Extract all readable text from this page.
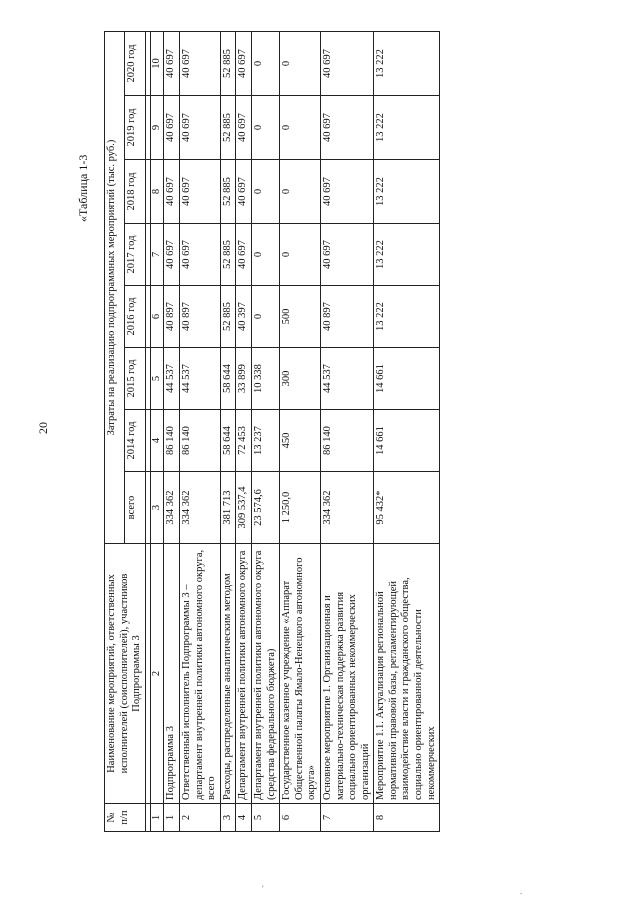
20
«Таблица 1-3
'	.
№ п/п	Наименование мероприятий, ответственных исполнителей (соисполнителей), участников Подпрограммы 3	Затраты на реализацию подпрограммных мероприятий (тыс. руб.)							
		всего	2014 год	2015 год	2016 год	2017 год	2018 год	2019 год	2020 год

1	2	3	4	5	6	7	8	9	10
1	Подпрограмма 3	334 362	86 140	44 537	40 897	40 697	40 697	40 697	40 697
2	Ответственный исполнитель Подпрограммы 3 – департамент внутренней политики автономного округа, всего	334 362	86 140	44 537	40 897	40 697	40 697	40 697	40 697
3	Расходы, распределенные аналитическим методом	381 713	58 644	58 644	52 885	52 885	52 885	52 885	52 885
4	Департамент внутренней политики автономного округа	309 537,4	72 453	33 899	40 397	40 697	40 697	40 697	40 697
5	Департамент внутренней политики автономного округа (средства федерального бюджета)	23 574,6	13 237	10 338	0	0	0	0	0
6	Государственное казенное учреждение «Аппарат Общественной палаты Ямало-Ненецкого автономного округа»	1 250,0	450	300	500	0	0	0	0
7	Основное мероприятие 1. Организационная и материально-техническая поддержка развития социально ориентированных некоммерческих организаций	334 362	86 140	44 537	40 897	40 697	40 697	40 697	40 697
8	Мероприятие 1.1. Актуализация региональной нормативной правовой базы, регламентирующей взаимодействие власти и гражданского общества, социально ориентированной деятельности некоммерческих	95 432*	14 661	14 661	13 222	13 222	13 222	13 222	13 222
